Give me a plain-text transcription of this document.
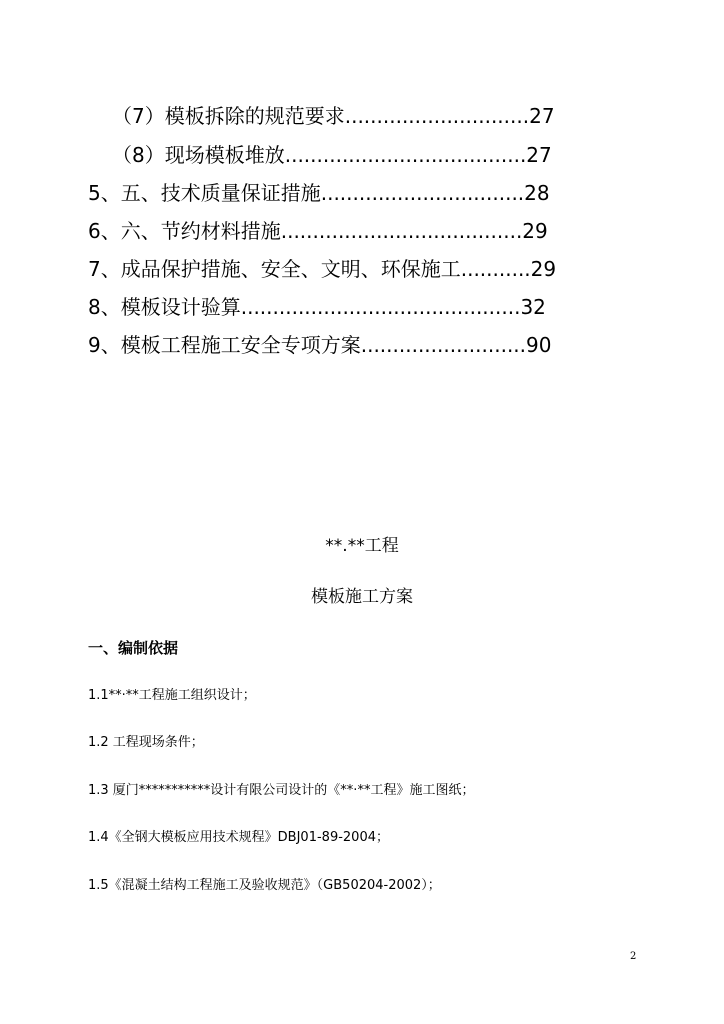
（7）模板拆除的规范要求.............................27
（8）现场模板堆放......................................27
5、五、技术质量保证措施................................28
6、六、节约材料措施......................................29
7、成品保护措施、安全、文明、环保施工...........29
8、模板设计验算............................................32
9、模板工程施工安全专项方案..........................90
**.**工程
模板施工方案
一、编制依据
1.1**·**工程施工组织设计；
1.2 工程现场条件；
1.3 厦门***********设计有限公司设计的《**·**工程》施工图纸；
1.4《全钢大模板应用技术规程》DBJ01-89-2004；
1.5《混凝土结构工程施工及验收规范》（GB50204-2002）；
2
